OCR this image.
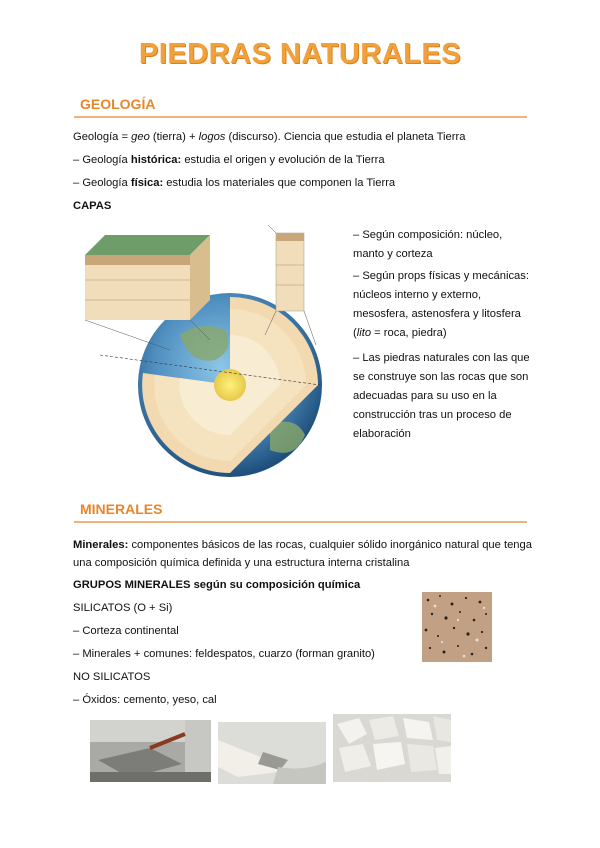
PIEDRAS NATURALES
GEOLOGÍA
Geología = geo (tierra) + logos (discurso). Ciencia que estudia el planeta Tierra
– Geología histórica: estudia el origen y evolución de la Tierra
– Geología física: estudia los materiales que componen la Tierra
CAPAS

– Según composición: núcleo, manto y corteza

– Según props físicas y mecánicas: núcleos interno y externo, mesosfera, astenosfera y litosfera (lito = roca, piedra)

– Las piedras naturales con las que se construye son las rocas que son adecuadas para su uso en la construcción tras un proceso de elaboración

MINERALES
Minerales: componentes básicos de las rocas, cualquier sólido inorgánico natural que tenga una composición química definida y una estructura interna cristalina
GRUPOS MINERALES según su composición química
SILICATOS (O + Si)
– Corteza continental
– Minerales + comunes: feldespatos, cuarzo (forman granito)
NO SILICATOS
– Óxidos: cemento, yeso, cal
